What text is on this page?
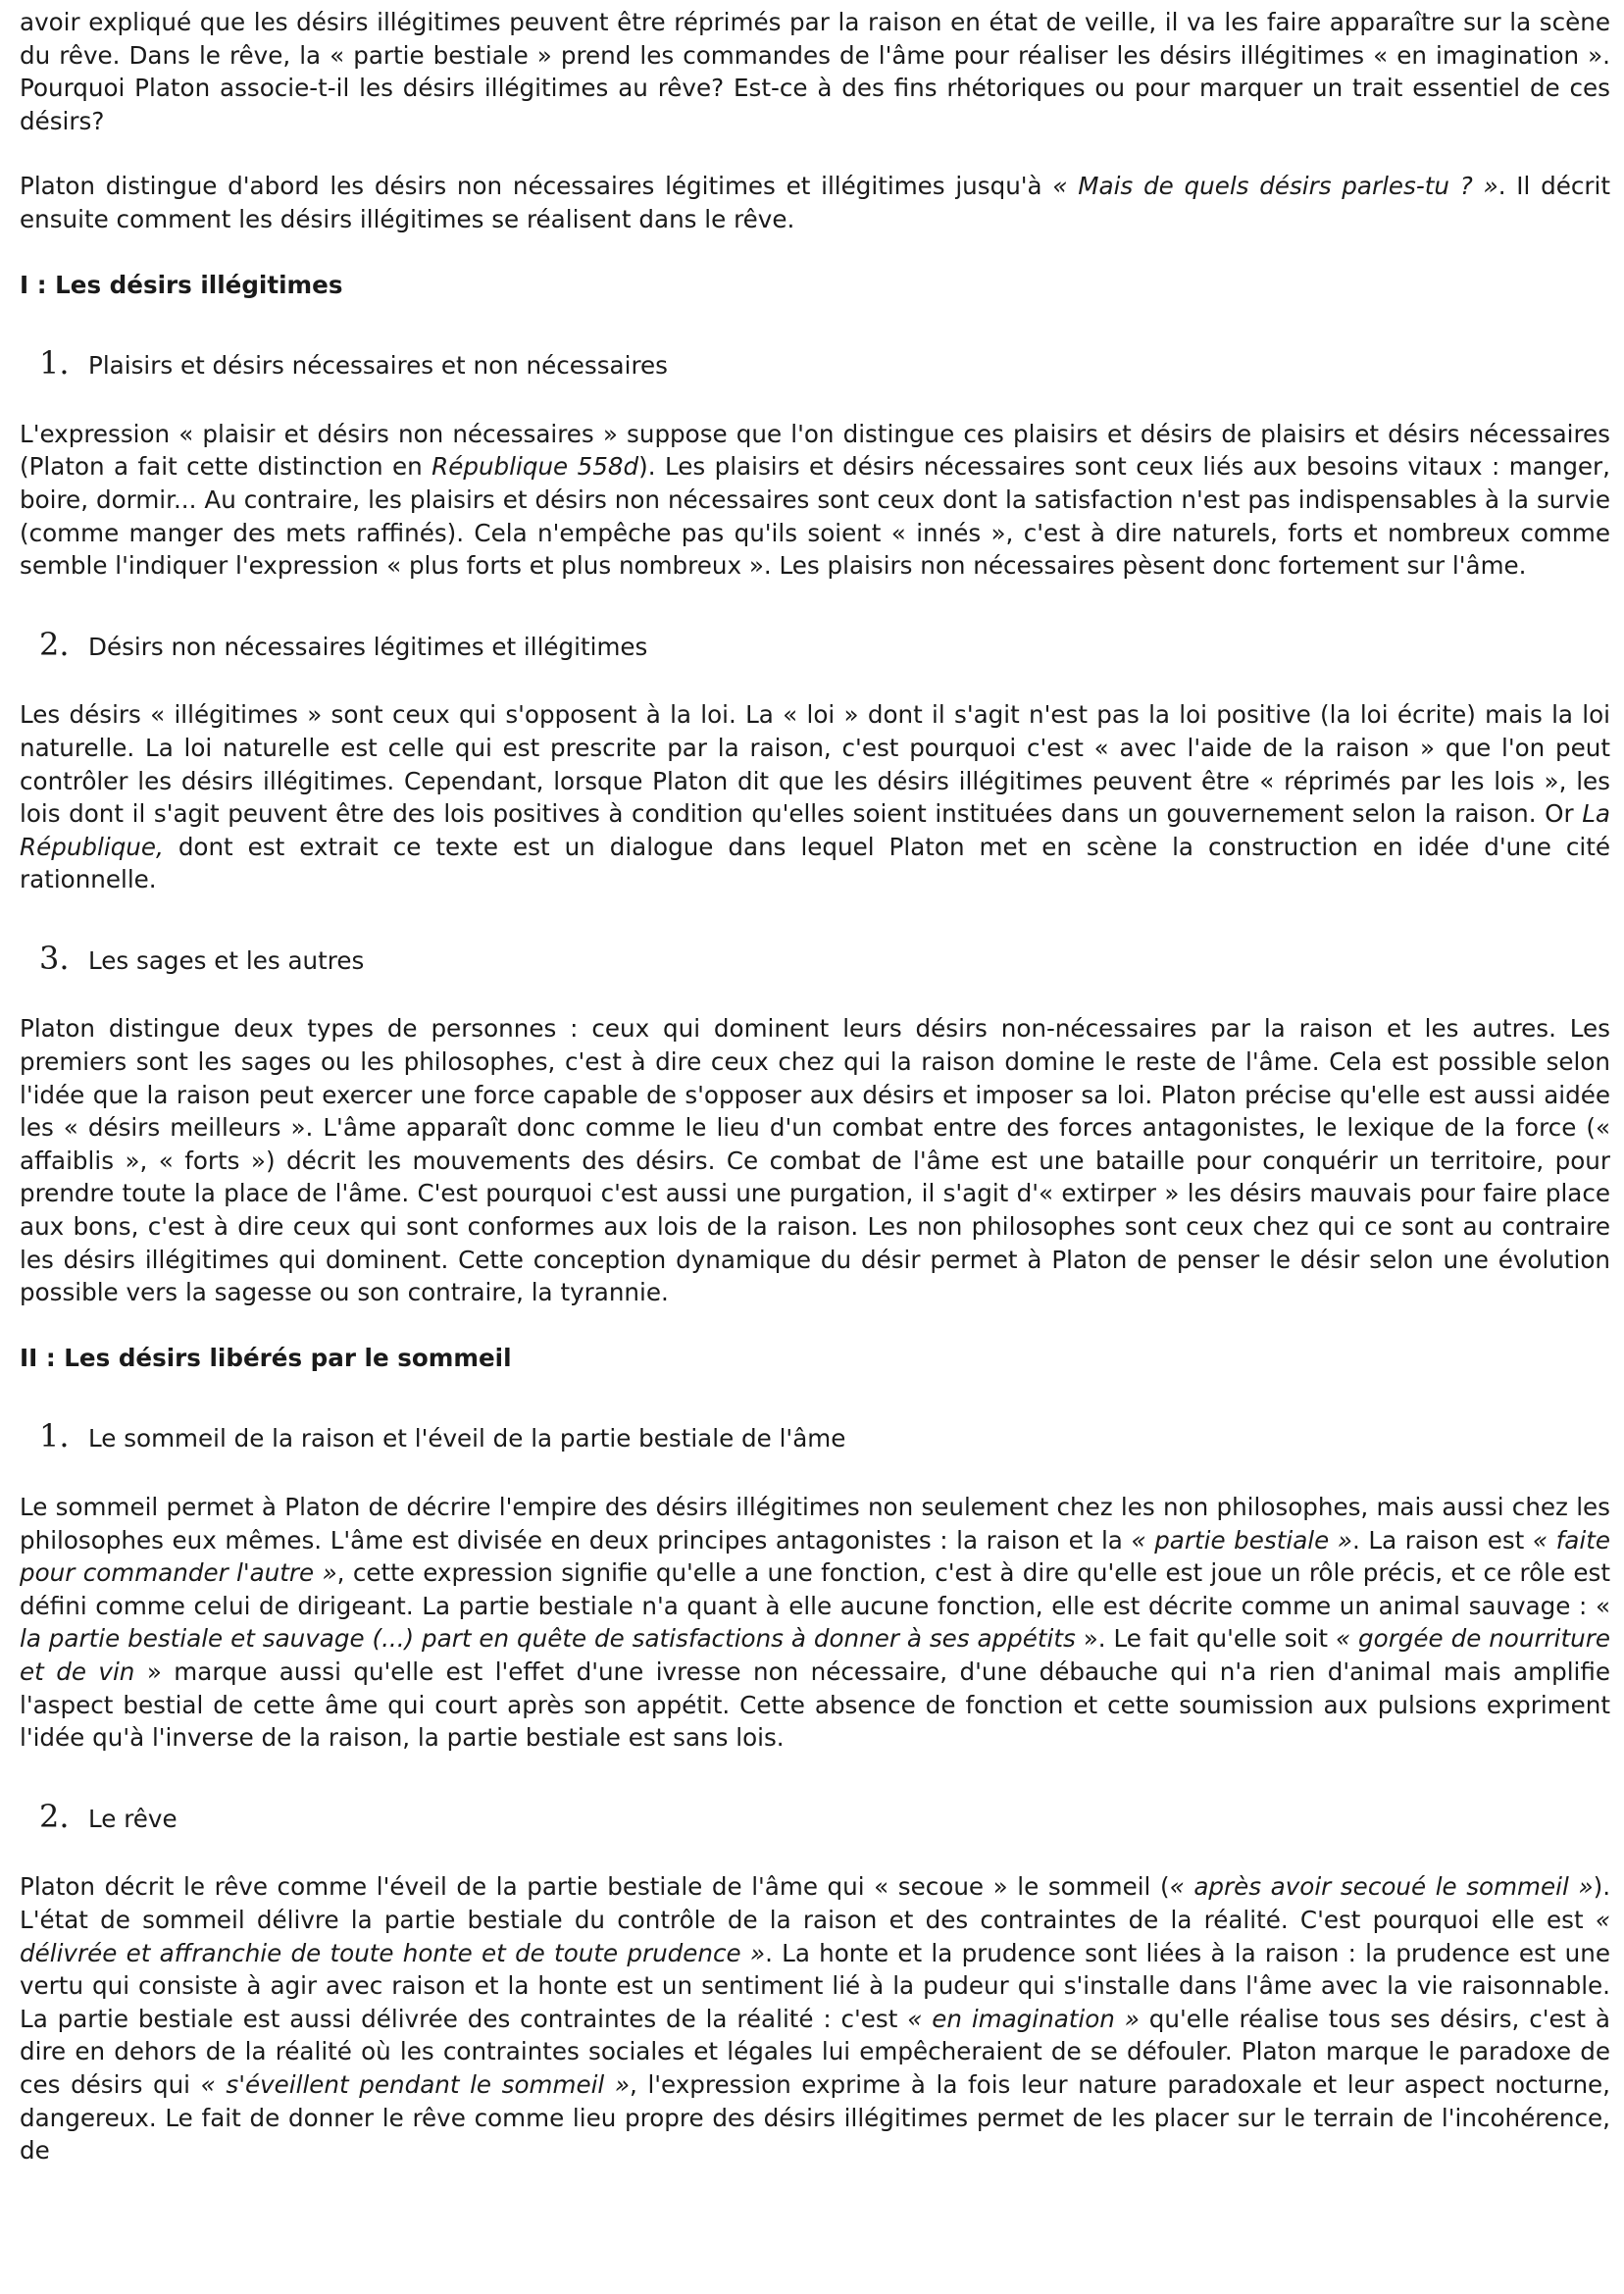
avoir expliqué que les désirs illégitimes peuvent être réprimés par la raison en état de veille, il va les faire apparaître sur la scène du rêve. Dans le rêve, la « partie bestiale » prend les commandes de l'âme pour réaliser les désirs illégitimes « en imagination ». Pourquoi Platon associe-t-il les désirs illégitimes au rêve? Est-ce à des fins rhétoriques ou pour marquer un trait essentiel de ces désirs?

Platon distingue d'abord les désirs non nécessaires légitimes et illégitimes jusqu'à « Mais de quels désirs parles-tu ? ». Il décrit ensuite comment les désirs illégitimes se réalisent dans le rêve.

I : Les désirs illégitimes
1. Plaisirs et désirs nécessaires et non nécessaires

L'expression « plaisir et désirs non nécessaires » suppose que l'on distingue ces plaisirs et désirs de plaisirs et désirs nécessaires (Platon a fait cette distinction en République 558d). Les plaisirs et désirs nécessaires sont ceux liés aux besoins vitaux : manger, boire, dormir... Au contraire, les plaisirs et désirs non nécessaires sont ceux dont la satisfaction n'est pas indispensables à la survie (comme manger des mets raffinés). Cela n'empêche pas qu'ils soient « innés », c'est à dire naturels, forts et nombreux comme semble l'indiquer l'expression « plus forts et plus nombreux ». Les plaisirs non nécessaires pèsent donc fortement sur l'âme.

2. Désirs non nécessaires légitimes et illégitimes

Les désirs « illégitimes » sont ceux qui s'opposent à la loi. La « loi » dont il s'agit n'est pas la loi positive (la loi écrite) mais la loi naturelle. La loi naturelle est celle qui est prescrite par la raison, c'est pourquoi c'est « avec l'aide de la raison » que l'on peut contrôler les désirs illégitimes. Cependant, lorsque Platon dit que les désirs illégitimes peuvent être « réprimés par les lois », les lois dont il s'agit peuvent être des lois positives à condition qu'elles soient instituées dans un gouvernement selon la raison. Or La République, dont est extrait ce texte est un dialogue dans lequel Platon met en scène la construction en idée d'une cité rationnelle.

3. Les sages et les autres

Platon distingue deux types de personnes : ceux qui dominent leurs désirs non-nécessaires par la raison et les autres. Les premiers sont les sages ou les philosophes, c'est à dire ceux chez qui la raison domine le reste de l'âme. Cela est possible selon l'idée que la raison peut exercer une force capable de s'opposer aux désirs et imposer sa loi. Platon précise qu'elle est aussi aidée les « désirs meilleurs ». L'âme apparaît donc comme le lieu d'un combat entre des forces antagonistes, le lexique de la force (« affaiblis », « forts ») décrit les mouvements des désirs. Ce combat de l'âme est une bataille pour conquérir un territoire, pour prendre toute la place de l'âme. C'est pourquoi c'est aussi une purgation, il s'agit d'« extirper » les désirs mauvais pour faire place aux bons, c'est à dire ceux qui sont conformes aux lois de la raison. Les non philosophes sont ceux chez qui ce sont au contraire les désirs illégitimes qui dominent. Cette conception dynamique du désir permet à Platon de penser le désir selon une évolution possible vers la sagesse ou son contraire, la tyrannie.

II : Les désirs libérés par le sommeil
1. Le sommeil de la raison et l'éveil de la partie bestiale de l'âme

Le sommeil permet à Platon de décrire l'empire des désirs illégitimes non seulement chez les non philosophes, mais aussi chez les philosophes eux mêmes. L'âme est divisée en deux principes antagonistes : la raison et la « partie bestiale ». La raison est « faite pour commander l'autre », cette expression signifie qu'elle a une fonction, c'est à dire qu'elle est joue un rôle précis, et ce rôle est défini comme celui de dirigeant. La partie bestiale n'a quant à elle aucune fonction, elle est décrite comme un animal sauvage : « la partie bestiale et sauvage (...) part en quête de satisfactions à donner à ses appétits ». Le fait qu'elle soit « gorgée de nourriture et de vin » marque aussi qu'elle est l'effet d'une ivresse non nécessaire, d'une débauche qui n'a rien d'animal mais amplifie l'aspect bestial de cette âme qui court après son appétit. Cette absence de fonction et cette soumission aux pulsions expriment l'idée qu'à l'inverse de la raison, la partie bestiale est sans lois.

2. Le rêve

Platon décrit le rêve comme l'éveil de la partie bestiale de l'âme qui « secoue » le sommeil (« après avoir secoué le sommeil »). L'état de sommeil délivre la partie bestiale du contrôle de la raison et des contraintes de la réalité. C'est pourquoi elle est « délivrée et affranchie de toute honte et de toute prudence ». La honte et la prudence sont liées à la raison : la prudence est une vertu qui consiste à agir avec raison et la honte est un sentiment lié à la pudeur qui s'installe dans l'âme avec la vie raisonnable. La partie bestiale est aussi délivrée des contraintes de la réalité : c'est « en imagination » qu'elle réalise tous ses désirs, c'est à dire en dehors de la réalité où les contraintes sociales et légales lui empêcheraient de se défouler. Platon marque le paradoxe de ces désirs qui « s'éveillent pendant le sommeil », l'expression exprime à la fois leur nature paradoxale et leur aspect nocturne, dangereux. Le fait de donner le rêve comme lieu propre des désirs illégitimes permet de les placer sur le terrain de l'incohérence, de
